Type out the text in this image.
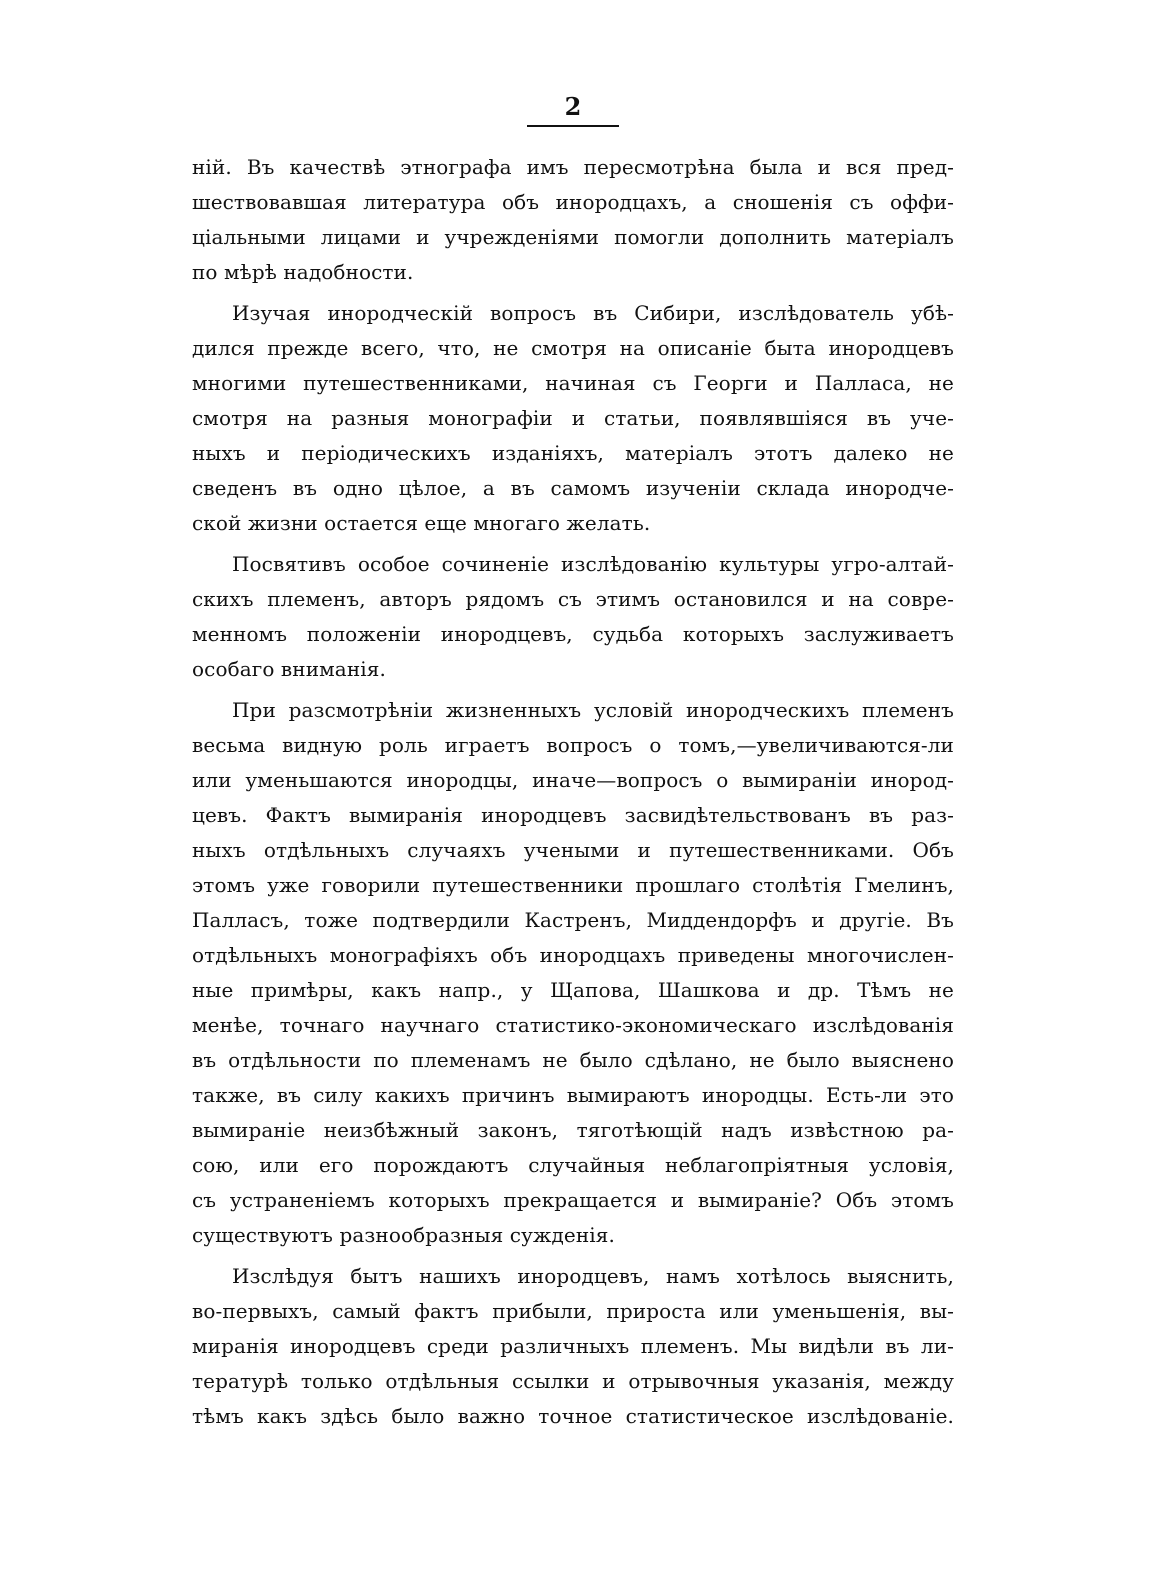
2
ній. Въ качествѣ этнографа имъ пересмотрѣна была и вся пред-
шествовавшая литература объ инородцахъ, а сношенія съ оффи-
ціальными лицами и учрежденіями помогли дополнить матеріалъ
по мѣрѣ надобности.
Изучая инородческій вопросъ въ Сибири, изслѣдователь убѣ-
дился прежде всего, что, не смотря на описаніе быта инородцевъ
многими путешественниками, начиная съ Георги и Палласа, не
смотря на разныя монографіи и статьи, появлявшіяся въ уче-
ныхъ и періодическихъ изданіяхъ, матеріалъ этотъ далеко не
сведенъ въ одно цѣлое, а въ самомъ изученіи склада инородче-
ской жизни остается еще многаго желать.
Посвятивъ особое сочиненіе изслѣдованію культуры угро-алтай-
скихъ племенъ, авторъ рядомъ съ этимъ остановился и на совре-
менномъ положеніи инородцевъ, судьба которыхъ заслуживаетъ
особаго вниманія.
При разсмотрѣніи жизненныхъ условій инородческихъ племенъ
весьма видную роль играетъ вопросъ о томъ,—увеличиваются-ли
или уменьшаются инородцы, иначе—вопросъ о вымираніи инород-
цевъ. Фактъ вымиранія инородцевъ засвидѣтельствованъ въ раз-
ныхъ отдѣльныхъ случаяхъ учеными и путешественниками. Объ
этомъ уже говорили путешественники прошлаго столѣтія Гмелинъ,
Палласъ, тоже подтвердили Кастренъ, Миддендорфъ и другіе. Въ
отдѣльныхъ монографіяхъ объ инородцахъ приведены многочислен-
ные примѣры, какъ напр., у Щапова, Шашкова и др. Тѣмъ не
менѣе, точнаго научнаго статистико-экономическаго изслѣдованія
въ отдѣльности по племенамъ не было сдѣлано, не было выяснено
также, въ силу какихъ причинъ вымираютъ инородцы. Есть-ли это
вымираніе неизбѣжный законъ, тяготѣющій надъ извѣстною ра-
сою, или его порождаютъ случайныя неблагопріятныя условія,
съ устраненіемъ которыхъ прекращается и вымираніе? Объ этомъ
существуютъ разнообразныя сужденія.
Изслѣдуя бытъ нашихъ инородцевъ, намъ хотѣлось выяснить,
во-первыхъ, самый фактъ прибыли, прироста или уменьшенія, вы-
миранія инородцевъ среди различныхъ племенъ. Мы видѣли въ ли-
тературѣ только отдѣльныя ссылки и отрывочныя указанія, между
тѣмъ какъ здѣсь было важно точное статистическое изслѣдованіе.
